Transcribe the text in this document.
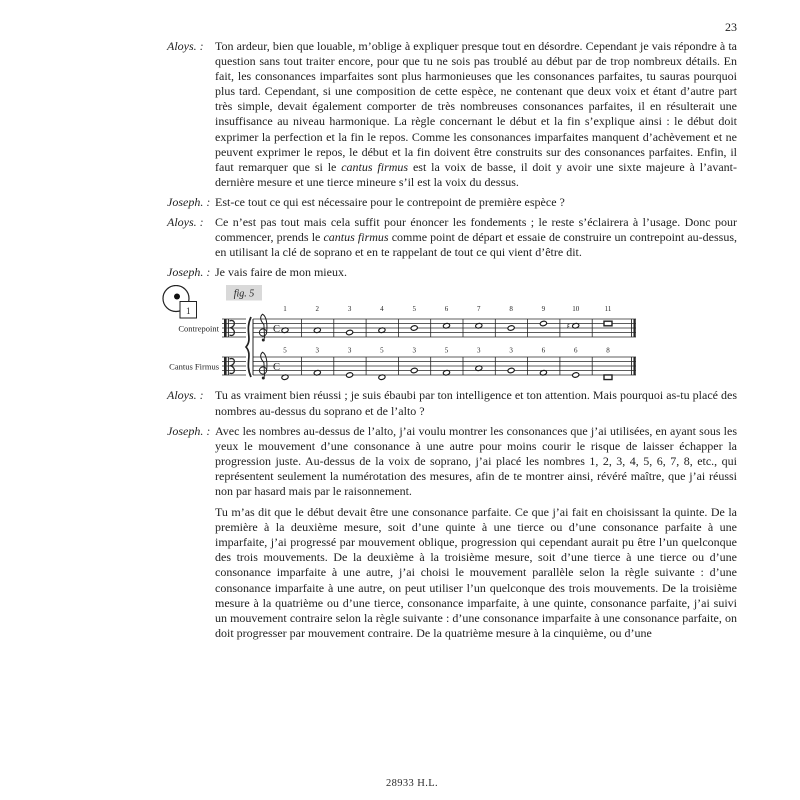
23
Aloys. : Ton ardeur, bien que louable, m’oblige à expliquer presque tout en désordre. Cependant je vais répondre à ta question sans tout traiter encore, pour que tu ne sois pas troublé au début par de trop nombreux détails. En fait, les consonances imparfaites sont plus harmonieuses que les consonances parfaites, tu sauras pourquoi plus tard. Cependant, si une composition de cette espèce, ne contenant que deux voix et étant d’autre part très simple, devait également comporter de très nombreuses consonances parfaites, il en résulterait une insuffisance au niveau harmonique. La règle concernant le début et la fin s’explique ainsi : le début doit exprimer la perfection et la fin le repos. Comme les consonances imparfaites manquent d’achèvement et ne peuvent exprimer le repos, le début et la fin doivent être construits sur des consonances parfaites. Enfin, il faut remarquer que si le cantus firmus est la voix de basse, il doit y avoir une sixte majeure à l’avant-dernière mesure et une tierce mineure s’il est la voix du dessus.
Joseph. : Est-ce tout ce qui est nécessaire pour le contrepoint de première espèce ?
Aloys. : Ce n’est pas tout mais cela suffit pour énoncer les fondements ; le reste s’éclairera à l’usage. Donc pour commencer, prends le cantus firmus comme point de départ et essaie de construire un contrepoint au-dessus, en utilisant la clé de soprano et en te rappelant de tout ce qui vient d’être dit.
Joseph. : Je vais faire de mon mieux.
1
fig. 5
Contrepoint
Cantus Firmus
C
C
1	2	3	4	5	6	7	8	9	10	11
5	3	3	5	3	5	3	3	6	6	8
♯
Aloys. : Tu as vraiment bien réussi ; je suis ébaubi par ton intelligence et ton attention. Mais pourquoi as-tu placé des nombres au-dessus du soprano et de l’alto ?
Joseph. : Avec les nombres au-dessus de l’alto, j’ai voulu montrer les consonances que j’ai utilisées, en ayant sous les yeux le mouvement d’une consonance à une autre pour moins courir le risque de laisser échapper la progression juste. Au-dessus de la voix de soprano, j’ai placé les nombres 1, 2, 3, 4, 5, 6, 7, 8, etc., qui représentent seulement la numérotation des mesures, afin de te montrer ainsi, révéré maître, que j’ai réussi non par hasard mais par le raisonnement.
Tu m’as dit que le début devait être une consonance parfaite. Ce que j’ai fait en choisissant la quinte. De la première à la deuxième mesure, soit d’une quinte à une tierce ou d’une consonance parfaite à une imparfaite, j’ai progressé par mouvement oblique, progression qui cependant aurait pu être l’un quelconque des trois mouvements. De la deuxième à la troisième mesure, soit d’une tierce à une tierce ou d’une consonance imparfaite à une autre, j’ai choisi le mouvement parallèle selon la règle suivante : d’une consonance imparfaite à une autre, on peut utiliser l’un quelconque des trois mouvements. De la troisième mesure à la quatrième ou d’une tierce, consonance imparfaite, à une quinte, consonance parfaite, j’ai suivi un mouvement contraire selon la règle suivante : d’une consonance imparfaite à une consonance parfaite, on doit progresser par mouvement contraire. De la quatrième mesure à la cinquième, ou d’une
28933 H.L.
